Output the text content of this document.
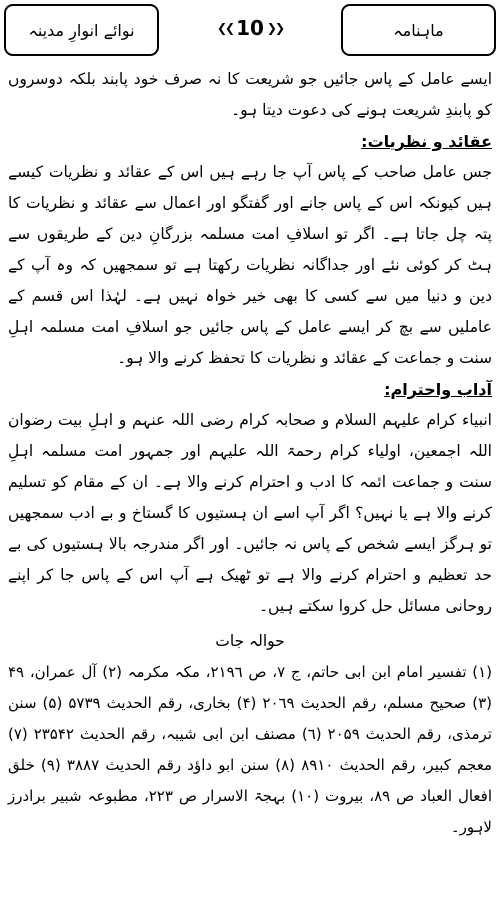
ماہنامہ
❮❮ 10 ❯❯
نوائے انوارِ مدینہ

ایسے عامل کے پاس جائیں جو شریعت کا نہ صرف خود پابند بلکہ دوسروں کو پابندِ شریعت ہونے کی دعوت دیتا ہو۔

عقائد و نظریات:

جس عامل صاحب کے پاس آپ جا رہے ہیں اس کے عقائد و نظریات کیسے ہیں کیونکہ اس کے پاس جانے اور گفتگو اور اعمال سے عقائد و نظریات کا پتہ چل جاتا ہے۔ اگر تو اسلافِ امت مسلمہ بزرگانِ دین کے طریقوں سے ہٹ کر کوئی نئے اور جداگانہ نظریات رکھتا ہے تو سمجھیں کہ وہ آپ کے دین و دنیا میں سے کسی کا بھی خیر خواہ نہیں ہے۔ لہٰذا اس قسم کے عاملیں سے بچ کر ایسے عامل کے پاس جائیں جو اسلافِ امت مسلمہ اہلِ سنت و جماعت کے عقائد و نظریات کا تحفظ کرنے والا ہو۔

آداب واحترام:

انبیاء کرام علیہم السلام و صحابہ کرام رضی اللہ عنہم و اہلِ بیت رضوان اللہ اجمعین، اولیاء کرام رحمۃ اللہ علیہم اور جمہور امت مسلمہ اہلِ سنت و جماعت ائمہ کا ادب و احترام کرنے والا ہے۔ ان کے مقام کو تسلیم کرنے والا ہے یا نہیں؟ اگر آپ اسے ان ہستیوں کا گستاخ و بے ادب سمجھیں تو ہرگز ایسے شخص کے پاس نہ جائیں۔ اور اگر مندرجہ بالا ہستیوں کی بے حد تعظیم و احترام کرنے والا ہے تو ٹھیک ہے آپ اس کے پاس جا کر اپنے روحانی مسائل حل کروا سکتے ہیں۔

حوالہ جات

(١) تفسیر امام ابن ابی حاتم، ج ٧، ص ٢١٩٦، مکہ مکرمہ (٢) آل عمران، ۴۹ (٣) صحیح مسلم، رقم الحدیث ٢٠٦٩ (۴) بخاری، رقم الحدیث ۵٧۳۹ (۵) سنن ترمذی، رقم الحدیث ٢٠۵٩ (٦) مصنف ابن ابی شیبہ، رقم الحدیث ٢۳۵۴٢ (٧) معجم کبیر، رقم الحدیث ۸٩١٠ (۸) سنن ابو داؤد رقم الحدیث ۳۸۸٧ (۹) خلق افعال العباد ص ۸٩، بیروت (١٠) بہجۃ الاسرار ص ٢٢۳، مطبوعہ شبیر برادرز لاہور۔
